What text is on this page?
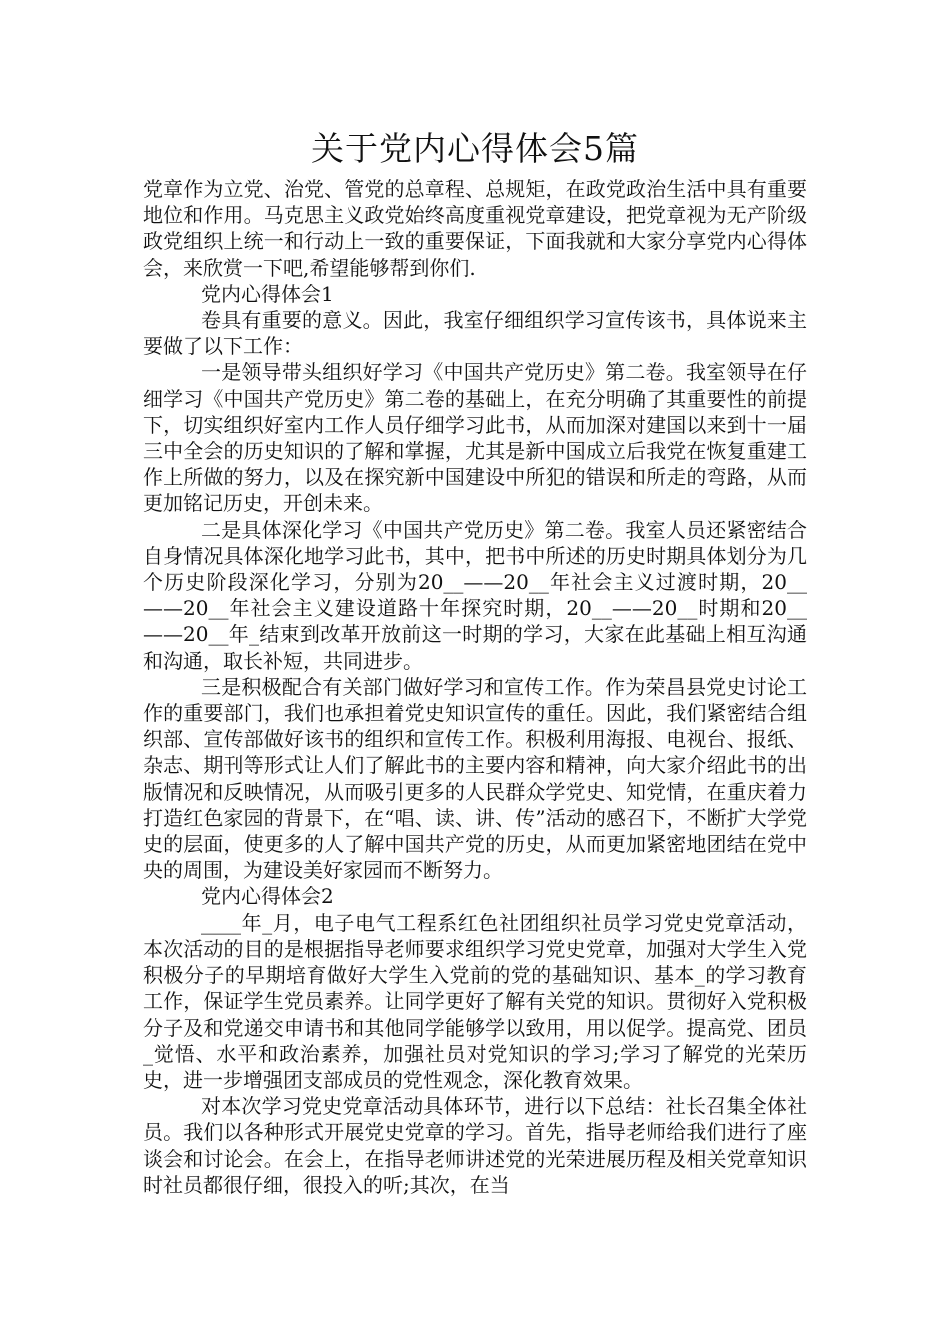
关于党内心得体会5篇

党章作为立党、治党、管党的总章程、总规矩，在政党政治生活中具有重要地位和作用。马克思主义政党始终高度重视党章建设，把党章视为无产阶级政党组织上统一和行动上一致的重要保证，下面我就和大家分享党内心得体会，来欣赏一下吧,希望能够帮到你们.

党内心得体会1

卷具有重要的意义。因此，我室仔细组织学习宣传该书，具体说来主要做了以下工作：

一是领导带头组织好学习《中国共产党历史》第二卷。我室领导在仔细学习《中国共产党历史》第二卷的基础上，在充分明确了其重要性的前提下，切实组织好室内工作人员仔细学习此书，从而加深对建国以来到十一届三中全会的历史知识的了解和掌握，尤其是新中国成立后我党在恢复重建工作上所做的努力，以及在探究新中国建设中所犯的错误和所走的弯路，从而更加铭记历史，开创未来。

二是具体深化学习《中国共产党历史》第二卷。我室人员还紧密结合自身情况具体深化地学习此书，其中，把书中所述的历史时期具体划分为几个历史阶段深化学习，分别为20__——20__年社会主义过渡时期，20__——20__年社会主义建设道路十年探究时期，20__——20__时期和20__——20__年_结束到改革开放前这一时期的学习，大家在此基础上相互沟通和沟通，取长补短，共同进步。

三是积极配合有关部门做好学习和宣传工作。作为荣昌县党史讨论工作的重要部门，我们也承担着党史知识宣传的重任。因此，我们紧密结合组织部、宣传部做好该书的组织和宣传工作。积极利用海报、电视台、报纸、杂志、期刊等形式让人们了解此书的主要内容和精神，向大家介绍此书的出版情况和反映情况，从而吸引更多的人民群众学党史、知党情，在重庆着力打造红色家园的背景下，在“唱、读、讲、传”活动的感召下，不断扩大学党史的层面，使更多的人了解中国共产党的历史，从而更加紧密地团结在党中央的周围，为建设美好家园而不断努力。

党内心得体会2

____年_月，电子电气工程系红色社团组织社员学习党史党章活动，本次活动的目的是根据指导老师要求组织学习党史党章，加强对大学生入党积极分子的早期培育做好大学生入党前的党的基础知识、基本_的学习教育工作，保证学生党员素养。让同学更好了解有关党的知识。贯彻好入党积极分子及和党递交申请书和其他同学能够学以致用，用以促学。提高党、团员_觉悟、水平和政治素养，加强社员对党知识的学习;学习了解党的光荣历史，进一步增强团支部成员的党性观念，深化教育效果。

对本次学习党史党章活动具体环节，进行以下总结：社长召集全体社员。我们以各种形式开展党史党章的学习。首先，指导老师给我们进行了座谈会和讨论会。在会上，在指导老师讲述党的光荣进展历程及相关党章知识时社员都很仔细，很投入的听;其次，在当
